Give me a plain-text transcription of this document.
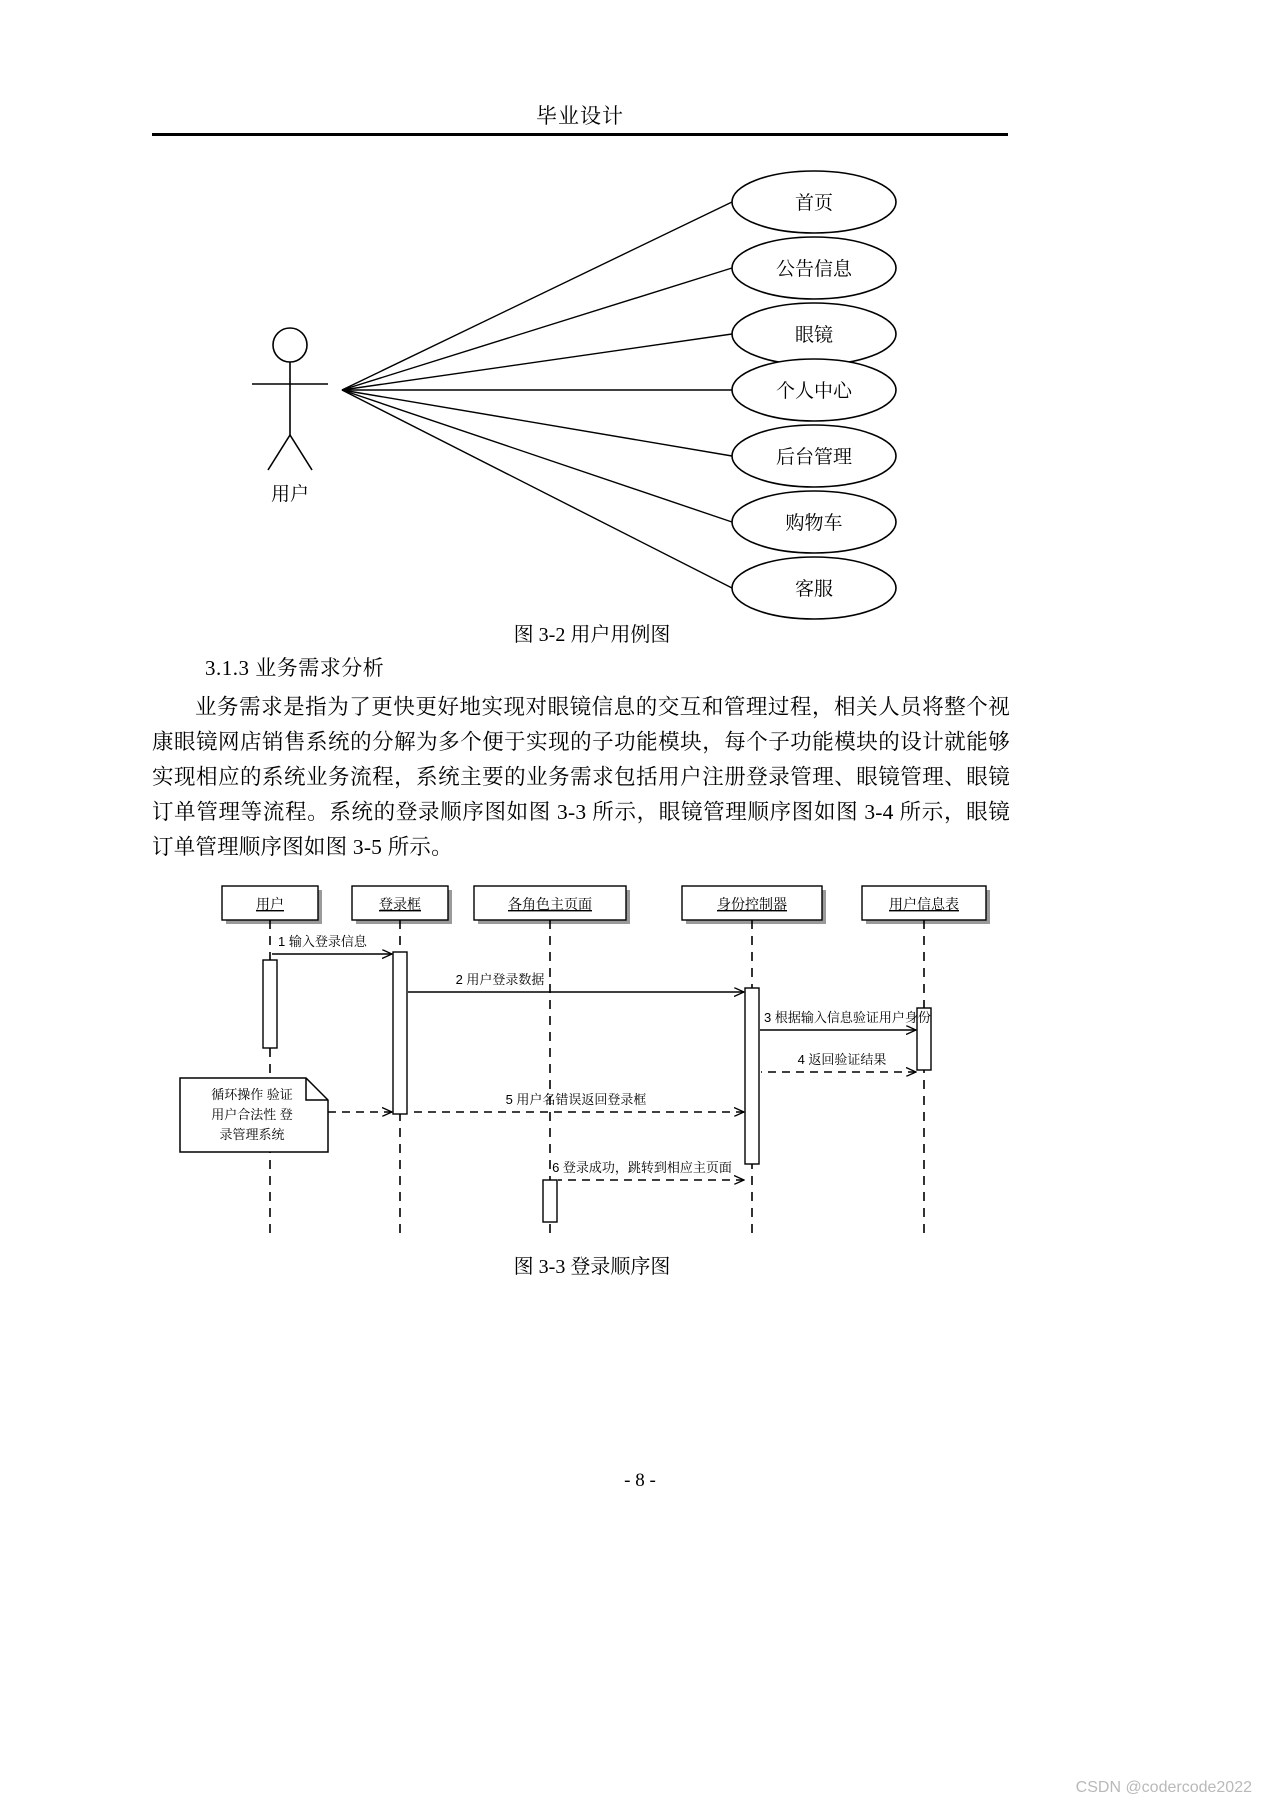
毕业设计
首页
公告信息
眼镜
个人中心
后台管理
购物车
客服
用户
图 3-2 用户用例图
3.1.3 业务需求分析

业务需求是指为了更快更好地实现对眼镜信息的交互和管理过程，相关人员将整个视康眼镜网店销售系统的分解为多个便于实现的子功能模块，每个子功能模块的设计就能够实现相应的系统业务流程，系统主要的业务需求包括用户注册登录管理、眼镜管理、眼镜订单管理等流程。系统的登录顺序图如图 3-3 所示，眼镜管理顺序图如图 3-4 所示，眼镜订单管理顺序图如图 3-5 所示。

用户	登录框	各角色主页面	身份控制器	用户信息表
1 输入登录信息
2 用户登录数据
3 根据输入信息验证用户身份
4 返回验证结果
5 用户名错误返回登录框
6 登录成功，跳转到相应主页面
循环操作 验证
用户合法性 登
录管理系统
图 3-3 登录顺序图
- 8 -
CSDN @codercode2022
